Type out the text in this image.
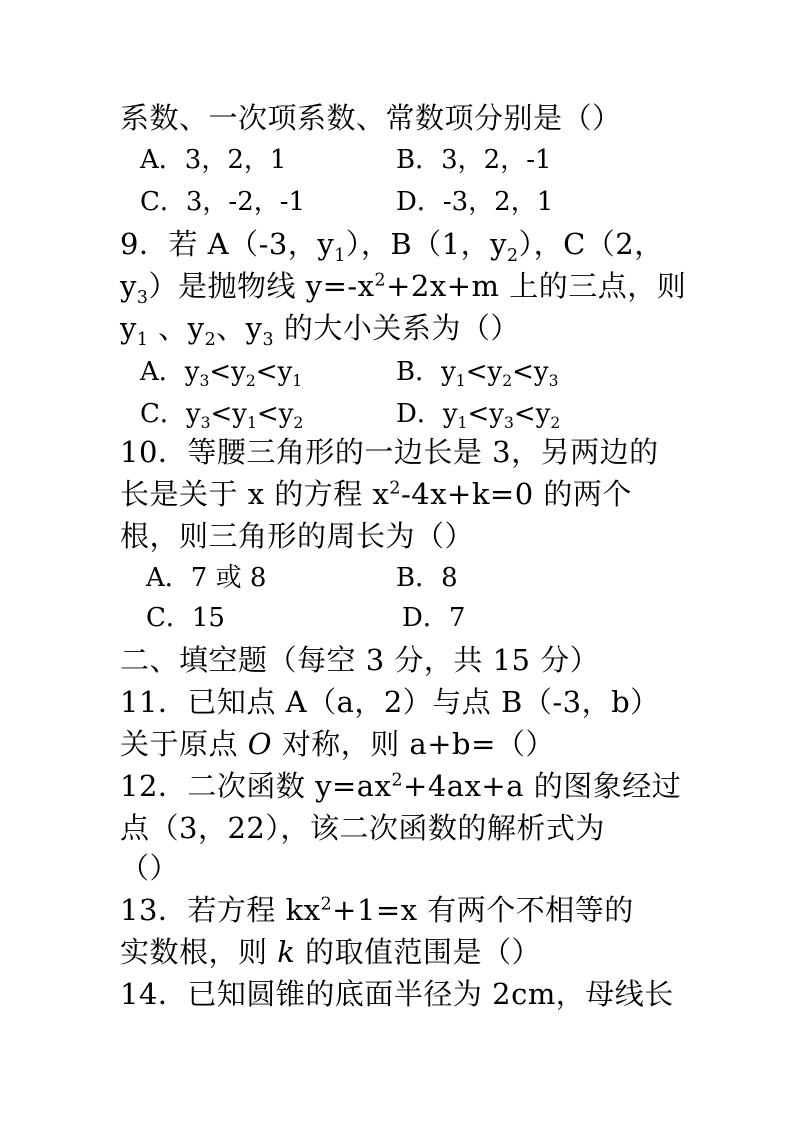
系数、一次项系数、常数项分别是（）
A．3，2，1	B．3，2，-1
C．3，-2，-1	D．-3，2，1
9．若 A（-3，$y_1$），B（1，$y_2$），C（2，
$y_3$）是抛物线 $y=-x^2+2x+m$ 上的三点，则
$y_1$ 、$y_2$、$y_3$ 的大小关系为（）
A．$y_3<y_2<y_1$	B．$y_1<y_2<y_3$
C．$y_3<y_1<y_2$	D．$y_1<y_3<y_2$
10．等腰三角形的一边长是 3，另两边的
长是关于 x 的方程 $x^2-4x+k=0$ 的两个
根，则三角形的周长为（）
A．7 或 8	B．8
C．15	D．7
二、填空题（每空 3 分，共 15 分）
11．已知点 A（a，2）与点 B（-3，b）
关于原点 O 对称，则 a+b=（）
12．二次函数 $y=ax^2+4ax+a$ 的图象经过
点（3，22），该二次函数的解析式为
（）
13．若方程 $kx^2+1=x$ 有两个不相等的
实数根，则 k 的取值范围是（）
14．已知圆锥的底面半径为 2cm，母线长
